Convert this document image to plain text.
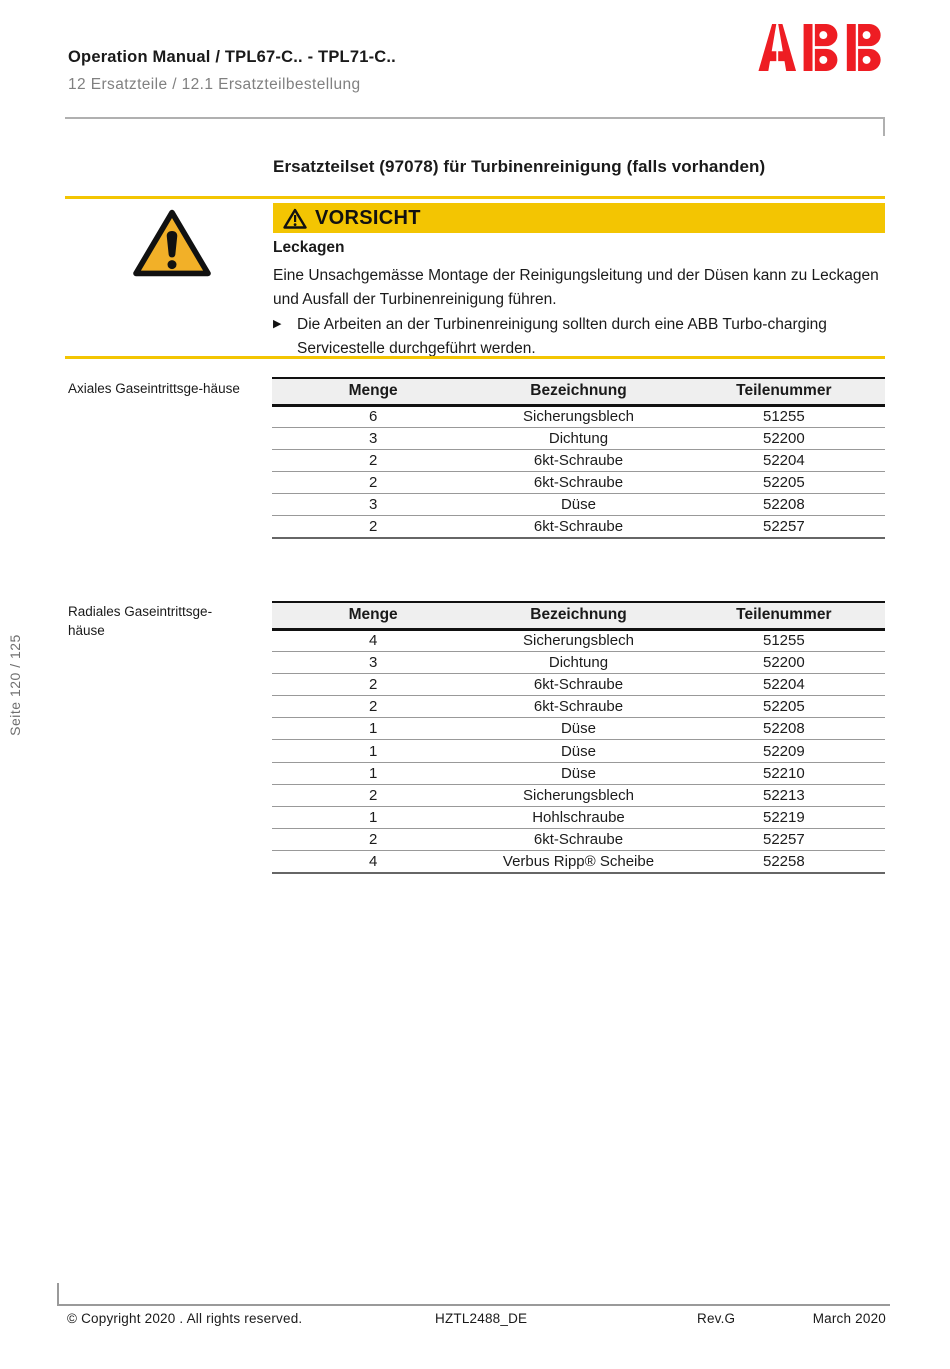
Operation Manual / TPL67-C.. - TPL71-C..
12 Ersatzteile / 12.1 Ersatzteilbestellung
Ersatzteilset (97078) für Turbinenreinigung (falls vorhanden)
VORSICHT
Leckagen
Eine Unsachgemässe Montage der Reinigungsleitung und der Düsen kann zu Leckagen und Ausfall der Turbinenreinigung führen.
▶	Die Arbeiten an der Turbinenreinigung sollten durch eine ABB Turbo-charging Servicestelle durchgeführt werden.
Axiales Gaseintrittsge-häuse	Menge	Bezeichnung	Teilenummer
6	Sicherungsblech	51255
3	Dichtung	52200
2	6kt-Schraube	52204
2	6kt-Schraube	52205
3	Düse	52208
2	6kt-Schraube	52257
Radiales Gaseintrittsge-häuse
Menge	Bezeichnung	Teilenummer
4	Sicherungsblech	51255
3	Dichtung	52200
2	6kt-Schraube	52204
2	6kt-Schraube	52205
1	Düse	52208
1	Düse	52209
1	Düse	52210
2	Sicherungsblech	52213
1	Hohlschraube	52219
2	6kt-Schraube	52257
4	Verbus Ripp® Scheibe	52258
Seite 120 / 125
© Copyright 2020 . All rights reserved.	HZTL2488_DE	Rev.G	March 2020
